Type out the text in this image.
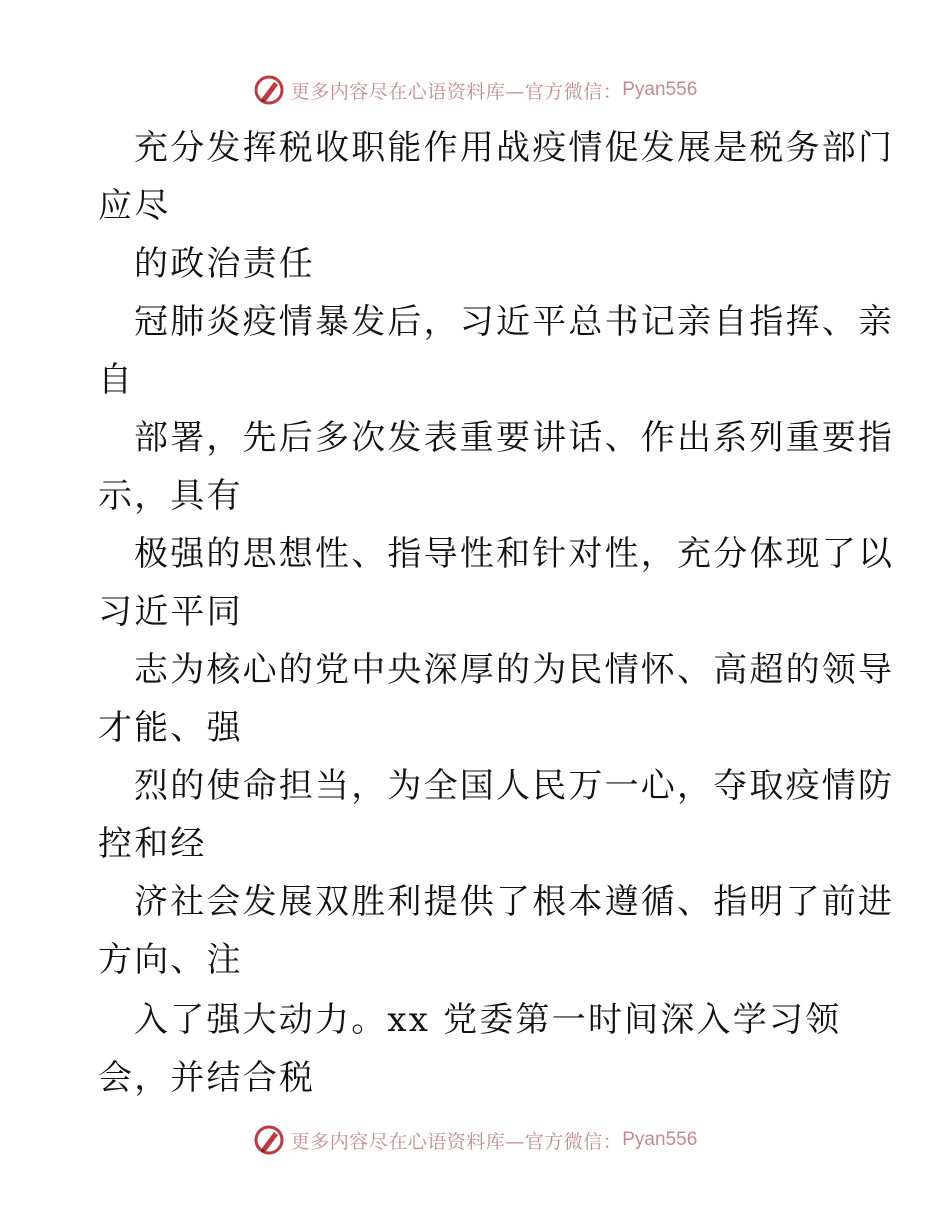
更多内容尽在心语资料库—官方微信： Pyan556
充分发挥税收职能作用战疫情促发展是税务部门
应尽
的政治责任
冠肺炎疫情暴发后，习近平总书记亲自指挥、亲
自
部署，先后多次发表重要讲话、作出系列重要指
示，具有
极强的思想性、指导性和针对性，充分体现了以
习近平同
志为核心的党中央深厚的为民情怀、高超的领导
才能、强
烈的使命担当，为全国人民万一心，夺取疫情防
控和经
济社会发展双胜利提供了根本遵循、指明了前进
方向、注
入了强大动力。xx 党委第一时间深入学习领
会，并结合税
更多内容尽在心语资料库—官方微信： Pyan556
